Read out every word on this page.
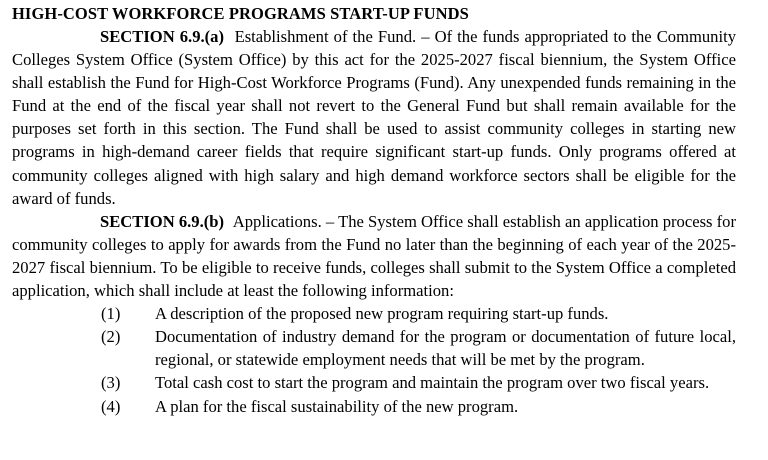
HIGH-COST WORKFORCE PROGRAMS START-UP FUNDS

SECTION 6.9.(a) Establishment of the Fund. – Of the funds appropriated to the Community Colleges System Office (System Office) by this act for the 2025-2027 fiscal biennium, the System Office shall establish the Fund for High-Cost Workforce Programs (Fund). Any unexpended funds remaining in the Fund at the end of the fiscal year shall not revert to the General Fund but shall remain available for the purposes set forth in this section. The Fund shall be used to assist community colleges in starting new programs in high-demand career fields that require significant start-up funds. Only programs offered at community colleges aligned with high salary and high demand workforce sectors shall be eligible for the award of funds.

SECTION 6.9.(b) Applications. – The System Office shall establish an application process for community colleges to apply for awards from the Fund no later than the beginning of each year of the 2025-2027 fiscal biennium. To be eligible to receive funds, colleges shall submit to the System Office a completed application, which shall include at least the following information:

(1)	A description of the proposed new program requiring start-up funds.
(2)	Documentation of industry demand for the program or documentation of future local, regional, or statewide employment needs that will be met by the program.
(3)	Total cash cost to start the program and maintain the program over two fiscal years.
(4)	A plan for the fiscal sustainability of the new program.
